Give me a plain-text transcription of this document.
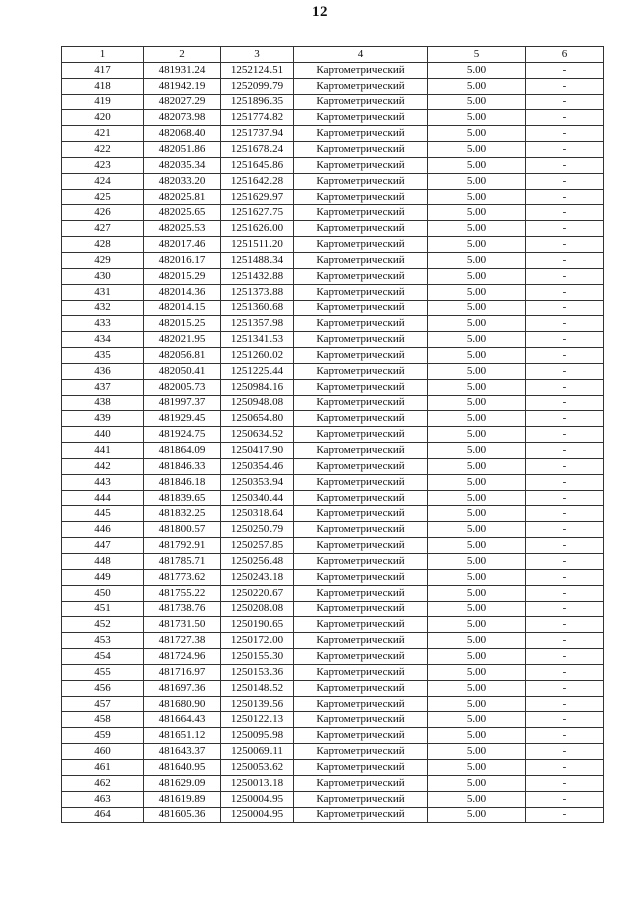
12
1	2	3	4	5	6
417	481931.24	1252124.51	Картометрический	5.00	-
418	481942.19	1252099.79	Картометрический	5.00	-
419	482027.29	1251896.35	Картометрический	5.00	-
420	482073.98	1251774.82	Картометрический	5.00	-
421	482068.40	1251737.94	Картометрический	5.00	-
422	482051.86	1251678.24	Картометрический	5.00	-
423	482035.34	1251645.86	Картометрический	5.00	-
424	482033.20	1251642.28	Картометрический	5.00	-
425	482025.81	1251629.97	Картометрический	5.00	-
426	482025.65	1251627.75	Картометрический	5.00	-
427	482025.53	1251626.00	Картометрический	5.00	-
428	482017.46	1251511.20	Картометрический	5.00	-
429	482016.17	1251488.34	Картометрический	5.00	-
430	482015.29	1251432.88	Картометрический	5.00	-
431	482014.36	1251373.88	Картометрический	5.00	-
432	482014.15	1251360.68	Картометрический	5.00	-
433	482015.25	1251357.98	Картометрический	5.00	-
434	482021.95	1251341.53	Картометрический	5.00	-
435	482056.81	1251260.02	Картометрический	5.00	-
436	482050.41	1251225.44	Картометрический	5.00	-
437	482005.73	1250984.16	Картометрический	5.00	-
438	481997.37	1250948.08	Картометрический	5.00	-
439	481929.45	1250654.80	Картометрический	5.00	-
440	481924.75	1250634.52	Картометрический	5.00	-
441	481864.09	1250417.90	Картометрический	5.00	-
442	481846.33	1250354.46	Картометрический	5.00	-
443	481846.18	1250353.94	Картометрический	5.00	-
444	481839.65	1250340.44	Картометрический	5.00	-
445	481832.25	1250318.64	Картометрический	5.00	-
446	481800.57	1250250.79	Картометрический	5.00	-
447	481792.91	1250257.85	Картометрический	5.00	-
448	481785.71	1250256.48	Картометрический	5.00	-
449	481773.62	1250243.18	Картометрический	5.00	-
450	481755.22	1250220.67	Картометрический	5.00	-
451	481738.76	1250208.08	Картометрический	5.00	-
452	481731.50	1250190.65	Картометрический	5.00	-
453	481727.38	1250172.00	Картометрический	5.00	-
454	481724.96	1250155.30	Картометрический	5.00	-
455	481716.97	1250153.36	Картометрический	5.00	-
456	481697.36	1250148.52	Картометрический	5.00	-
457	481680.90	1250139.56	Картометрический	5.00	-
458	481664.43	1250122.13	Картометрический	5.00	-
459	481651.12	1250095.98	Картометрический	5.00	-
460	481643.37	1250069.11	Картометрический	5.00	-
461	481640.95	1250053.62	Картометрический	5.00	-
462	481629.09	1250013.18	Картометрический	5.00	-
463	481619.89	1250004.95	Картометрический	5.00	-
464	481605.36	1250004.95	Картометрический	5.00	-
